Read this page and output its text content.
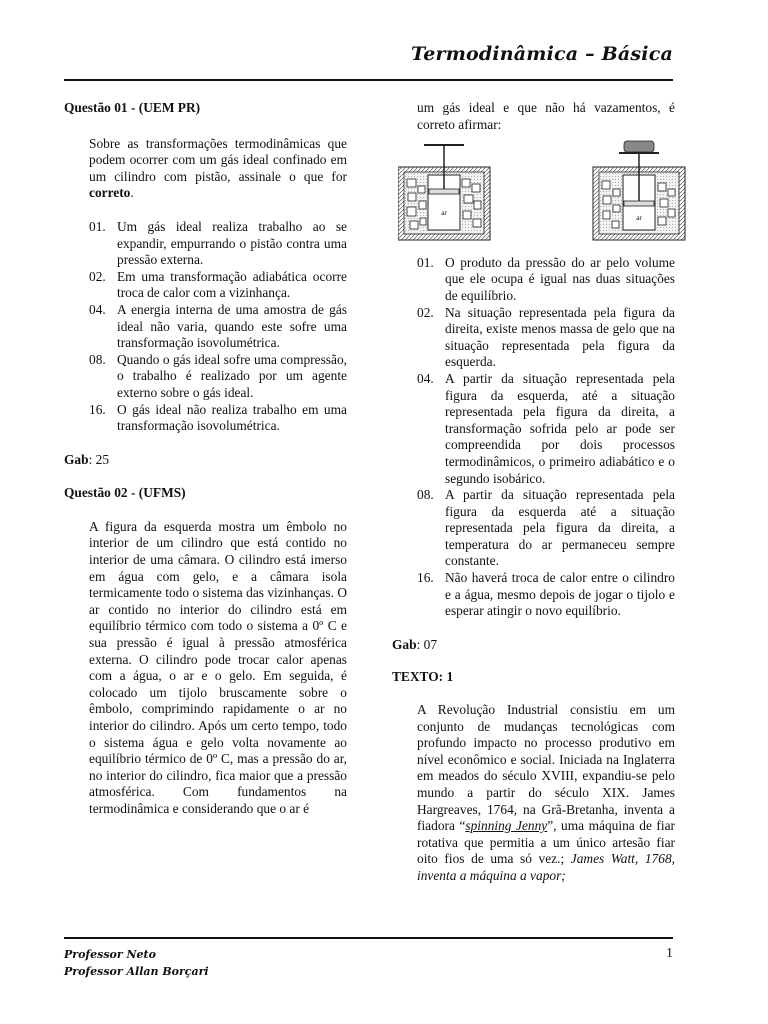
Termodinâmica – Básica

Questão 01 - (UEM PR)

Sobre as transformações termodinâmicas que podem ocorrer com um gás ideal confinado em um cilindro com pistão, assinale o que for correto.

01. Um gás ideal realiza trabalho ao se expandir, empurrando o pistão contra uma pressão externa.
02. Em uma transformação adiabática ocorre troca de calor com a vizinhança.
04. A energia interna de uma amostra de gás ideal não varia, quando este sofre uma transformação isovolumétrica.
08. Quando o gás ideal sofre uma compressão, o trabalho é realizado por um agente externo sobre o gás ideal.
16. O gás ideal não realiza trabalho em uma transformação isovolumétrica.

Gab: 25

Questão 02 - (UFMS)

A figura da esquerda mostra um êmbolo no interior de um cilindro que está contido no interior de uma câmara. O cilindro está imerso em água com gelo, e a câmara isola termicamente todo o sistema das vizinhanças. O ar contido no interior do cilindro está em equilíbrio térmico com todo o sistema a 0º C e sua pressão é igual à pressão atmosférica externa. O cilindro pode trocar calor apenas com a água, o ar e o gelo. Em seguida, é colocado um tijolo bruscamente sobre o êmbolo, comprimindo rapidamente o ar no interior do cilindro. Após um certo tempo, todo o sistema água e gelo volta novamente ao equilíbrio térmico de 0º C, mas a pressão do ar, no interior do cilindro, fica maior que a pressão atmosférica. Com fundamentos na termodinâmica e considerando que o ar é

um gás ideal e que não há vazamentos, é correto afirmar:

ar
ar
01. O produto da pressão do ar pelo volume que ele ocupa é igual nas duas situações de equilíbrio.
02. Na situação representada pela figura da direita, existe menos massa de gelo que na situação representada pela figura da esquerda.
04. A partir da situação representada pela figura da esquerda, até a situação representada pela figura da direita, a transformação sofrida pelo ar pode ser compreendida por dois processos termodinâmicos, o primeiro adiabático e o segundo isobárico.
08. A partir da situação representada pela figura da esquerda até a situação representada pela figura da direita, a temperatura do ar permaneceu sempre constante.
16. Não haverá troca de calor entre o cilindro e a água, mesmo depois de jogar o tijolo e esperar atingir o novo equilíbrio.

Gab: 07

TEXTO: 1

A Revolução Industrial consistiu em um conjunto de mudanças tecnológicas com profundo impacto no processo produtivo em nível econômico e social. Iniciada na Inglaterra em meados do século XVIII, expandiu-se pelo mundo a partir do século XIX. James Hargreaves, 1764, na Grã-Bretanha, inventa a fiadora “spinning Jenny”, uma máquina de fiar rotativa que permitia a um único artesão fiar oito fios de uma só vez.; James Watt, 1768, inventa a máquina a vapor;

Professor Neto
Professor Allan Borçari
1
